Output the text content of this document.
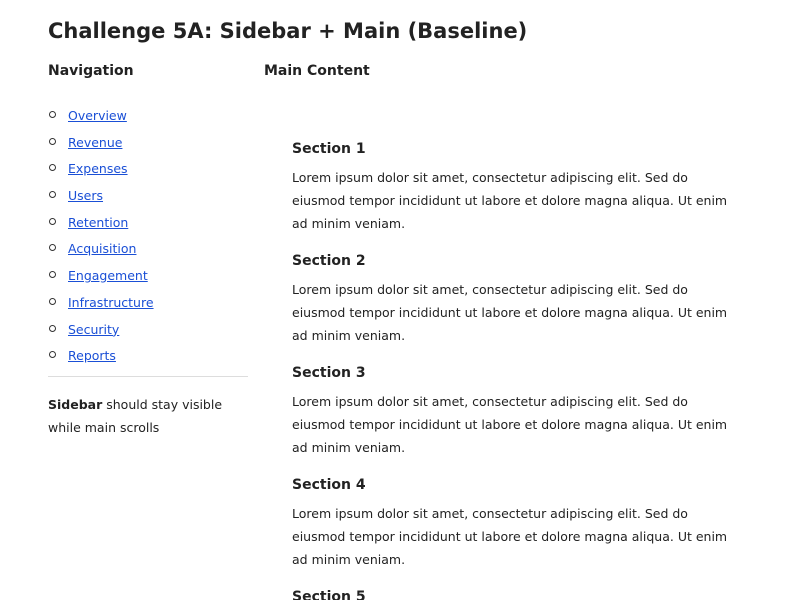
Challenge 5A: Sidebar + Main (Baseline)
Navigation
Overview
Revenue
Expenses
Users
Retention
Acquisition
Engagement
Infrastructure
Security
Reports

Sidebar should stay visible while main scrolls

Main Content
Section 1

Lorem ipsum dolor sit amet, consectetur adipiscing elit. Sed do eiusmod tempor incididunt ut labore et dolore magna aliqua. Ut enim ad minim veniam.

Section 2

Lorem ipsum dolor sit amet, consectetur adipiscing elit. Sed do eiusmod tempor incididunt ut labore et dolore magna aliqua. Ut enim ad minim veniam.

Section 3

Lorem ipsum dolor sit amet, consectetur adipiscing elit. Sed do eiusmod tempor incididunt ut labore et dolore magna aliqua. Ut enim ad minim veniam.

Section 4

Lorem ipsum dolor sit amet, consectetur adipiscing elit. Sed do eiusmod tempor incididunt ut labore et dolore magna aliqua. Ut enim ad minim veniam.

Section 5
